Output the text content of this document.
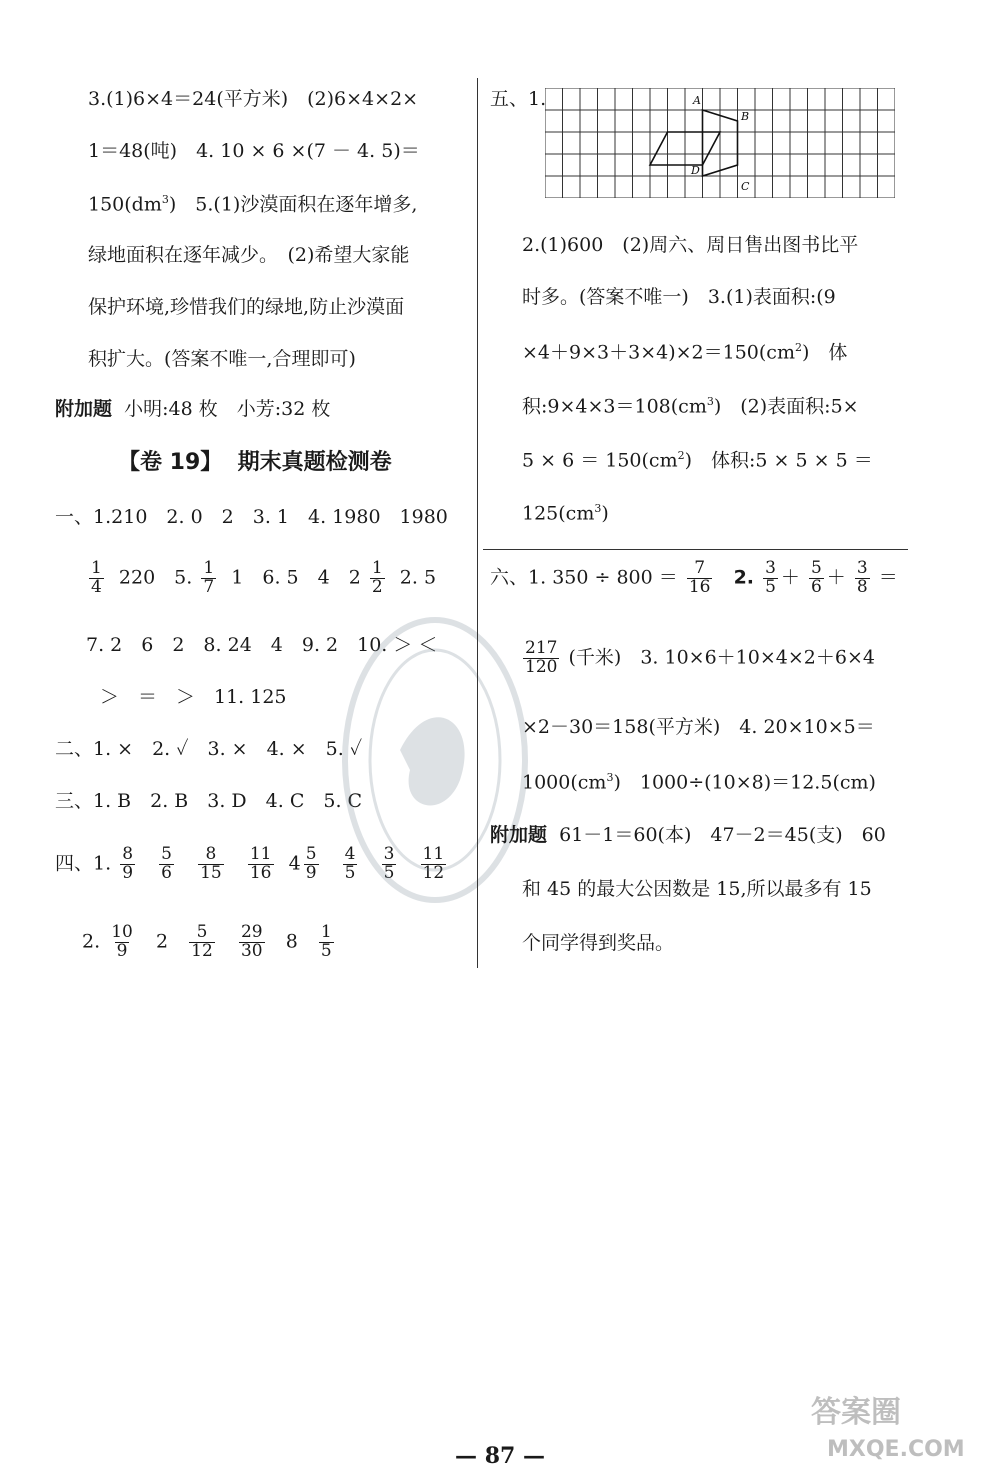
3.(1)6×4＝24(平方米)　(2)6×4×2×
1＝48(吨)　4. 10 × 6 ×(7 － 4. 5)＝
$150(dm^3)$　5.(1)沙漠面积在逐年增多,
绿地面积在逐年减少。　(2)希望大家能
保护环境,珍惜我们的绿地,防止沙漠面
积扩大。(答案不唯一,合理即可)
附加题 小明:48 枚　小芳:32 枚
【卷 19】 期末真题检测卷
一、1.210　2. 0　2　3. 1　4. 1980　1980
$\frac{1}{4} 220$　5. $\frac{1}{7} 1$　6. 5　4　$2 \frac{1}{2} 2$. 5
7. 2　6　2　8. 24　4　9. 2　10. ＞ ＜
＞　＝　＞　11. 125
二、1. ×　2. ✓　3. ×　4. ×　5. ✓
三、1. B　2. B　3. D　4. C　5. C
四、1. $\frac{8}{9}$
$\frac{5}{6}$
$\frac{8}{15}$
$\frac{11}{16} 4 \frac{5}{9}$
$\frac{4}{5}$
$\frac{3}{5}$
$\frac{11}{12}$
2. $\frac{10}{9} 2 \frac{5}{12}$
$\frac{29}{30} 8 \frac{1}{5}$
五、1.	A
B
C
D
2.(1)600　(2)周六、周日售出图书比平
时多。(答案不唯一)　3.(1)表面积:(9
$\times 4+9\times 3+3\times 4)\times 2=150(cm^2)$　体
积$:9\times 4\times 3=108(cm^3)$　(2)表面积:5×
$5 \times 6 = 150(cm^2)$　体积:5 × 5 × 5 ＝
$125(cm^3)$
六、1. $350 \div 800 = \frac{7}{16} 2$. $\frac{3}{5} + \frac{5}{6} + \frac{3}{8}$ ＝
$\frac{217}{120}$ (千米)　3. 10×6＋10×4×2＋6×4
×2－30＝158(平方米)　4. 20×10×5＝
$1000(cm^3)$　1000÷(10×8)＝12.5(cm)
附加题 61－1＝60(本)　47－2＝45(支)　60
和 45 的最大公因数是 15,所以最多有 15
个同学得到奖品。
— 87 —
答案圈
MXQE.COM
